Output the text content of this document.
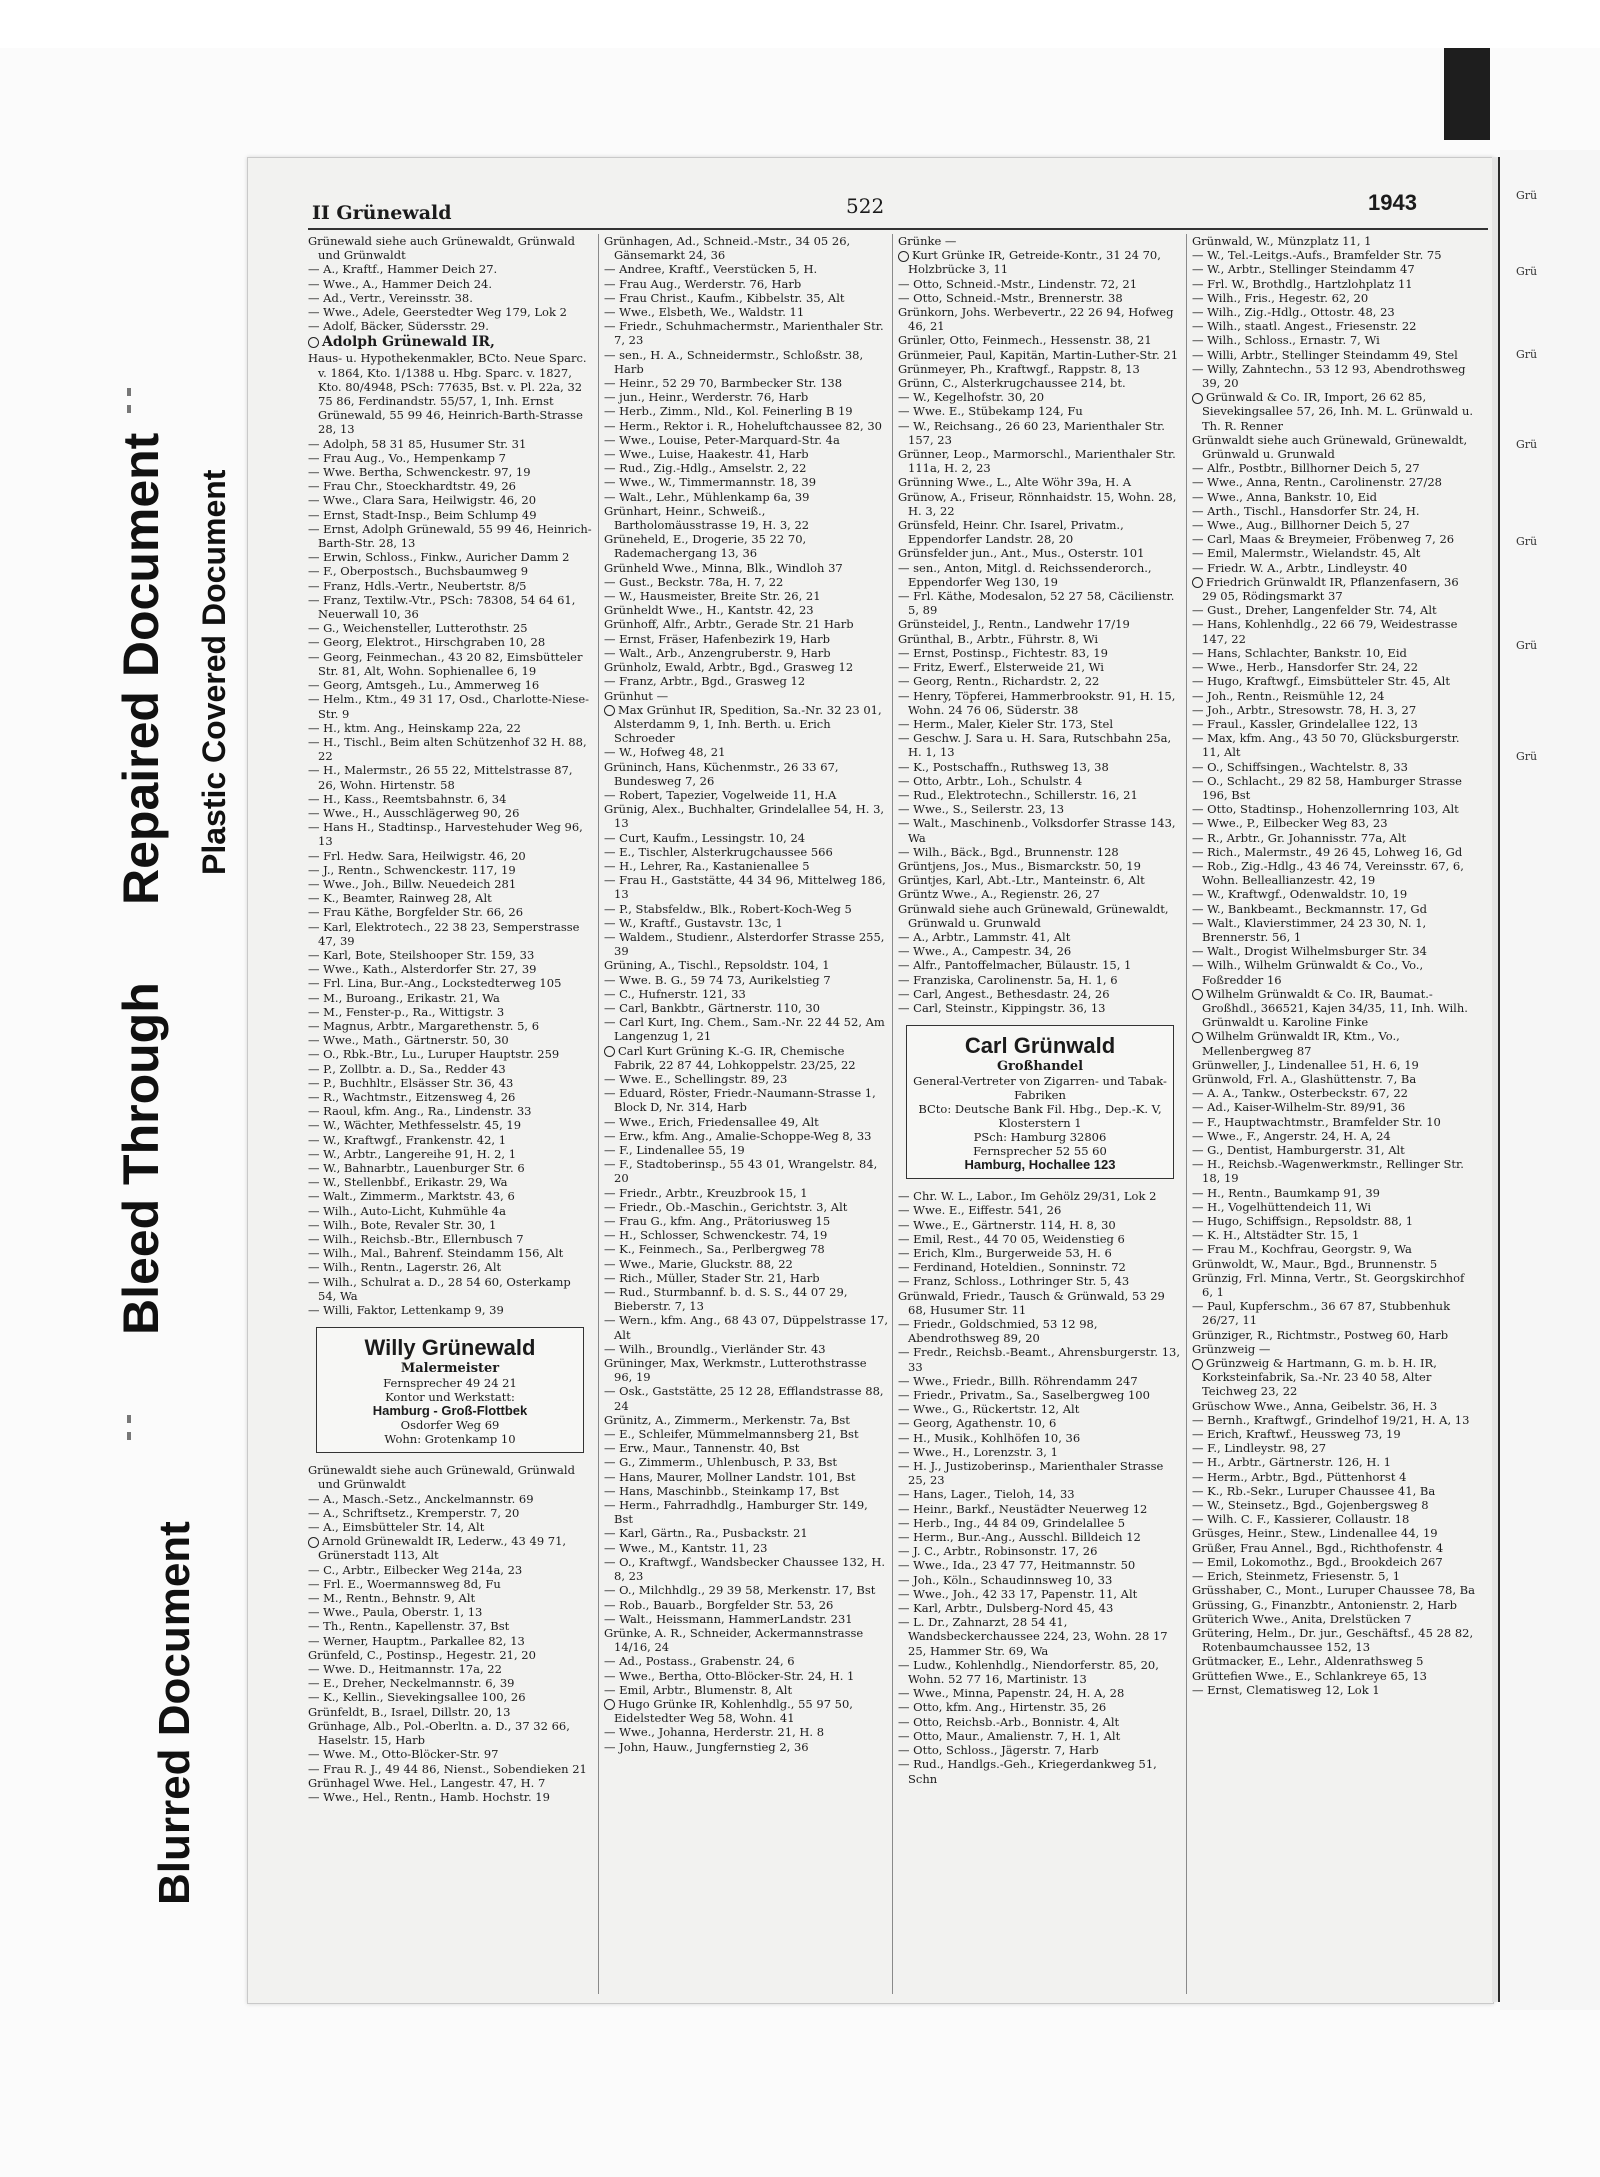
Bleed Through
Repaired Document Plastic Covered Document
Blurred Document
II Grünewald	522	1943
Grünewald siehe auch Grünewaldt, Grünwald und Grünwaldt
— A., Kraftf., Hammer Deich 27.
— Wwe., A., Hammer Deich 24.
— Ad., Vertr., Vereinsstr. 38.
— Wwe., Adele, Geerstedter Weg 179, Lok 2
— Adolf, Bäcker, Südersstr. 29.
Adolph Grünewald IR,
Haus- u. Hypothekenmakler, BCto. Neue Sparc. v. 1864, Kto. 1/1388 u. Hbg. Sparc. v. 1827, Kto. 80/4948, PSch: 77635, Bst. v. Pl. 22a, 32 75 86, Ferdinandstr. 55/57, 1, Inh. Ernst Grünewald, 55 99 46, Heinrich-Barth-Strasse 28, 13
— Adolph, 58 31 85, Husumer Str. 31
— Frau Aug., Vo., Hempenkamp 7
— Wwe. Bertha, Schwenckestr. 97, 19
— Frau Chr., Stoeckhardtstr. 49, 26
— Wwe., Clara Sara, Heilwigstr. 46, 20
— Ernst, Stadt-Insp., Beim Schlump 49
— Ernst, Adolph Grünewald, 55 99 46, Heinrich-Barth-Str. 28, 13
— Erwin, Schloss., Finkw., Auricher Damm 2
— F., Oberpostsch., Buchsbaumweg 9
— Franz, Hdls.-Vertr., Neubertstr. 8/5
— Franz, Textilw.-Vtr., PSch: 78308, 54 64 61, Neuerwall 10, 36
— G., Weichensteller, Lutterothstr. 25
— Georg, Elektrot., Hirschgraben 10, 28
— Georg, Feinmechan., 43 20 82, Eimsbütteler Str. 81, Alt, Wohn. Sophienallee 6, 19
— Georg, Amtsgeh., Lu., Ammerweg 16
— Helm., Ktm., 49 31 17, Osd., Charlotte-Niese-Str. 9
— H., ktm. Ang., Heinskamp 22a, 22
— H., Tischl., Beim alten Schützenhof 32 H. 88, 22
— H., Malermstr., 26 55 22, Mittelstrasse 87, 26, Wohn. Hirtenstr. 58
— H., Kass., Reemtsbahnstr. 6, 34
— Wwe., H., Ausschlägerweg 90, 26
— Hans H., Stadtinsp., Harvestehuder Weg 96, 13
— Frl. Hedw. Sara, Heilwigstr. 46, 20
— J., Rentn., Schwenckestr. 117, 19
— Wwe., Joh., Billw. Neuedeich 281
— K., Beamter, Rainweg 28, Alt
— Frau Käthe, Borgfelder Str. 66, 26
— Karl, Elektrotech., 22 38 23, Semperstrasse 47, 39
— Karl, Bote, Steilshooper Str. 159, 33
— Wwe., Kath., Alsterdorfer Str. 27, 39
— Frl. Lina, Bur.-Ang., Lockstedterweg 105
— M., Buroang., Erikastr. 21, Wa
— M., Fenster-p., Ra., Wittigstr. 3
— Magnus, Arbtr., Margarethenstr. 5, 6
— Wwe., Math., Gärtnerstr. 50, 30
— O., Rbk.-Btr., Lu., Luruper Hauptstr. 259
— P., Zollbtr. a. D., Sa., Redder 43
— P., Buchhltr., Elsässer Str. 36, 43
— R., Wachtmstr., Eitzensweg 4, 26
— Raoul, kfm. Ang., Ra., Lindenstr. 33
— W., Wächter, Methfesselstr. 45, 19
— W., Kraftwgf., Frankenstr. 42, 1
— W., Arbtr., Langereihe 91, H. 2, 1
— W., Bahnarbtr., Lauenburger Str. 6
— W., Stellenbbf., Erikastr. 29, Wa
— Walt., Zimmerm., Marktstr. 43, 6
— Wilh., Auto-Licht, Kuhmühle 4a
— Wilh., Bote, Revaler Str. 30, 1
— Wilh., Reichsb.-Btr., Ellernbusch 7
— Wilh., Mal., Bahrenf. Steindamm 156, Alt
— Wilh., Rentn., Lagerstr. 26, Alt
— Wilh., Schulrat a. D., 28 54 60, Osterkamp 54, Wa
— Willi, Faktor, Lettenkamp 9, 39
Willy Grünewald
Malermeister
Fernsprecher 49 24 21
Kontor und Werkstatt:
Hamburg - Groß-Flottbek
Osdorfer Weg 69
Wohn: Grotenkamp 10
Grünewaldt siehe auch Grünewald, Grünwald und Grünwaldt
— A., Masch.-Setz., Anckelmannstr. 69
— A., Schriftsetz., Kremperstr. 7, 20
— A., Eimsbütteler Str. 14, Alt
Arnold Grünewaldt IR, Lederw., 43 49 71, Grünerstadt 113, Alt
— C., Arbtr., Eilbecker Weg 214a, 23
— Frl. E., Woermannsweg 8d, Fu
— M., Rentn., Behnstr. 9, Alt
— Wwe., Paula, Oberstr. 1, 13
— Th., Rentn., Kapellenstr. 37, Bst
— Werner, Hauptm., Parkallee 82, 13
Grünfeld, C., Postinsp., Hegestr. 21, 20
— Wwe. D., Heitmannstr. 17a, 22
— E., Dreher, Neckelmannstr. 6, 39
— K., Kellin., Sievekingsallee 100, 26
Grünfeldt, B., Israel, Dillstr. 20, 13
Grünhage, Alb., Pol.-Oberltn. a. D., 37 32 66, Haselstr. 15, Harb
— Wwe. M., Otto-Blöcker-Str. 97
— Frau R. J., 49 44 86, Nienst., Sobendieken 21
Grünhagel Wwe. Hel., Langestr. 47, H. 7
— Wwe., Hel., Rentn., Hamb. Hochstr. 19
Grünhagen, Ad., Schneid.-Mstr., 34 05 26, Gänsemarkt 24, 36
— Andree, Kraftf., Veerstücken 5, H.
— Frau Aug., Werderstr. 76, Harb
— Frau Christ., Kaufm., Kibbelstr. 35, Alt
— Wwe., Elsbeth, We., Waldstr. 11
— Friedr., Schuhmachermstr., Marienthaler Str. 7, 23
— sen., H. A., Schneidermstr., Schloßstr. 38, Harb
— Heinr., 52 29 70, Barmbecker Str. 138
— jun., Heinr., Werderstr. 76, Harb
— Herb., Zimm., Nld., Kol. Feinerling B 19
— Herm., Rektor i. R., Hoheluftchaussee 82, 30
— Wwe., Louise, Peter-Marquard-Str. 4a
— Wwe., Luise, Haakestr. 41, Harb
— Rud., Zig.-Hdlg., Amselstr. 2, 22
— Wwe., W., Timmermannstr. 18, 39
— Walt., Lehr., Mühlenkamp 6a, 39
Grünhart, Heinr., Schweiß., Bartholomäusstrasse 19, H. 3, 22
Grüneheld, E., Drogerie, 35 22 70, Rademachergang 13, 36
Grünheld Wwe., Minna, Blk., Windloh 37
— Gust., Beckstr. 78a, H. 7, 22
— W., Hausmeister, Breite Str. 26, 21
Grünheldt Wwe., H., Kantstr. 42, 23
Grünhoff, Alfr., Arbtr., Gerade Str. 21 Harb
— Ernst, Fräser, Hafenbezirk 19, Harb
— Walt., Arb., Anzengruberstr. 9, Harb
Grünholz, Ewald, Arbtr., Bgd., Grasweg 12
— Franz, Arbtr., Bgd., Grasweg 12
Grünhut —
Max Grünhut IR, Spedition, Sa.-Nr. 32 23 01, Alsterdamm 9, 1, Inh. Berth. u. Erich Schroeder
— W., Hofweg 48, 21
Grüninch, Hans, Küchenmstr., 26 33 67, Bundesweg 7, 26
— Robert, Tapezier, Vogelweide 11, H.A
Grünig, Alex., Buchhalter, Grindelallee 54, H. 3, 13
— Curt, Kaufm., Lessingstr. 10, 24
— E., Tischler, Alsterkrugchaussee 566
— H., Lehrer, Ra., Kastanienallee 5
— Frau H., Gaststätte, 44 34 96, Mittelweg 186, 13
— P., Stabsfeldw., Blk., Robert-Koch-Weg 5
— W., Kraftf., Gustavstr. 13c, 1
— Waldem., Studienr., Alsterdorfer Strasse 255, 39
Grüning, A., Tischl., Repsoldstr. 104, 1
— Wwe. B. G., 59 74 73, Aurikelstieg 7
— C., Hufnerstr. 121, 33
— Carl, Bankbtr., Gärtnerstr. 110, 30
— Carl Kurt, Ing. Chem., Sam.-Nr. 22 44 52, Am Langenzug 1, 21
Carl Kurt Grüning K.-G. IR, Chemische Fabrik, 22 87 44, Lohkoppelstr. 23/25, 22
— Wwe. E., Schellingstr. 89, 23
— Eduard, Röster, Friedr.-Naumann-Strasse 1, Block D, Nr. 314, Harb
— Wwe., Erich, Friedensallee 49, Alt
— Erw., kfm. Ang., Amalie-Schoppe-Weg 8, 33
— F., Lindenallee 55, 19
— F., Stadtoberinsp., 55 43 01, Wrangelstr. 84, 20
— Friedr., Arbtr., Kreuzbrook 15, 1
— Friedr., Ob.-Maschin., Gerichtstr. 3, Alt
— Frau G., kfm. Ang., Prätoriusweg 15
— H., Schlosser, Schwenckestr. 74, 19
— K., Feinmech., Sa., Perlbergweg 78
— Wwe., Marie, Gluckstr. 88, 22
— Rich., Müller, Stader Str. 21, Harb
— Rud., Sturmbannf. b. d. S. S., 44 07 29, Bieberstr. 7, 13
— Wern., kfm. Ang., 68 43 07, Düppelstrasse 17, Alt
— Wilh., Broundlg., Vierländer Str. 43
Grüninger, Max, Werkmstr., Lutterothstrasse 96, 19
— Osk., Gaststätte, 25 12 28, Efflandstrasse 88, 24
Grünitz, A., Zimmerm., Merkenstr. 7a, Bst
— E., Schleifer, Mümmelmannsberg 21, Bst
— Erw., Maur., Tannenstr. 40, Bst
— G., Zimmerm., Uhlenbusch, P. 33, Bst
— Hans, Maurer, Mollner Landstr. 101, Bst
— Hans, Maschinbb., Steinkamp 17, Bst
— Herm., Fahrradhdlg., Hamburger Str. 149, Bst
— Karl, Gärtn., Ra., Pusbackstr. 21
— Wwe., M., Kantstr. 11, 23
— O., Kraftwgf., Wandsbecker Chaussee 132, H. 8, 23
— O., Milchhdlg., 29 39 58, Merkenstr. 17, Bst
— Rob., Bauarb., Borgfelder Str. 53, 26
— Walt., Heissmann, HammerLandstr. 231
Grünke, A. R., Schneider, Ackermannstrasse 14/16, 24
— Ad., Postass., Grabenstr. 24, 6
— Wwe., Bertha, Otto-Blöcker-Str. 24, H. 1
— Emil, Arbtr., Blumenstr. 8, Alt
Hugo Grünke IR, Kohlenhdlg., 55 97 50, Eidelstedter Weg 58, Wohn. 41
— Wwe., Johanna, Herderstr. 21, H. 8
— John, Hauw., Jungfernstieg 2, 36
Grünke —
Kurt Grünke IR, Getreide-Kontr., 31 24 70, Holzbrücke 3, 11
— Otto, Schneid.-Mstr., Lindenstr. 72, 21
— Otto, Schneid.-Mstr., Brennerstr. 38
Grünkorn, Johs. Werbevertr., 22 26 94, Hofweg 46, 21
Grünler, Otto, Feinmech., Hessenstr. 38, 21
Grünmeier, Paul, Kapitän, Martin-Luther-Str. 21
Grünmeyer, Ph., Kraftwgf., Rappstr. 8, 13
Grünn, C., Alsterkrugchaussee 214, bt.
— W., Kegelhofstr. 30, 20
— Wwe. E., Stübekamp 124, Fu
— W., Reichsang., 26 60 23, Marienthaler Str. 157, 23
Grünner, Leop., Marmorschl., Marienthaler Str. 111a, H. 2, 23
Grünning Wwe., L., Alte Wöhr 39a, H. A
Grünow, A., Friseur, Rönnhaidstr. 15, Wohn. 28, H. 3, 22
Grünsfeld, Heinr. Chr. Isarel, Privatm., Eppendorfer Landstr. 28, 20
Grünsfelder jun., Ant., Mus., Osterstr. 101
— sen., Anton, Mitgl. d. Reichssenderorch., Eppendorfer Weg 130, 19
— Frl. Käthe, Modesalon, 52 27 58, Cäcilienstr. 5, 89
Grünsteidel, J., Rentn., Landwehr 17/19
Grünthal, B., Arbtr., Führstr. 8, Wi
— Ernst, Postinsp., Fichtestr. 83, 19
— Fritz, Ewerf., Elsterweide 21, Wi
— Georg, Rentn., Richardstr. 2, 22
— Henry, Töpferei, Hammerbrookstr. 91, H. 15, Wohn. 24 76 06, Süderstr. 38
— Herm., Maler, Kieler Str. 173, Stel
— Geschw. J. Sara u. H. Sara, Rutschbahn 25a, H. 1, 13
— K., Postschaffn., Ruthsweg 13, 38
— Otto, Arbtr., Loh., Schulstr. 4
— Rud., Elektrotechn., Schillerstr. 16, 21
— Wwe., S., Seilerstr. 23, 13
— Walt., Maschinenb., Volksdorfer Strasse 143, Wa
— Wilh., Bäck., Bgd., Brunnenstr. 128
Grüntjens, Jos., Mus., Bismarckstr. 50, 19
Grüntjes, Karl, Abt.-Ltr., Manteinstr. 6, Alt
Grüntz Wwe., A., Regienstr. 26, 27
Grünwald siehe auch Grünewald, Grünewaldt, Grünwald u. Grunwald
— A., Arbtr., Lammstr. 41, Alt
— Wwe., A., Campestr. 34, 26
— Alfr., Pantoffelmacher, Bülaustr. 15, 1
— Franziska, Carolinenstr. 5a, H. 1, 6
— Carl, Angest., Bethesdastr. 24, 26
— Carl, Steinstr., Kippingstr. 36, 13
Carl Grünwald
Großhandel
General-Vertreter von Zigarren- und Tabak-Fabriken
BCto: Deutsche Bank Fil. Hbg., Dep.-K. V, Klosterstern 1
PSch: Hamburg 32806
Fernsprecher 52 55 60
Hamburg, Hochallee 123
— Chr. W. L., Labor., Im Gehölz 29/31, Lok 2
— Wwe. E., Eiffestr. 541, 26
— Wwe., E., Gärtnerstr. 114, H. 8, 30
— Emil, Rest., 44 70 05, Weidenstieg 6
— Erich, Klm., Burgerweide 53, H. 6
— Ferdinand, Hoteldien., Sonninstr. 72
— Franz, Schloss., Lothringer Str. 5, 43
Grünwald, Friedr., Tausch & Grünwald, 53 29 68, Husumer Str. 11
— Friedr., Goldschmied, 53 12 98, Abendrothsweg 89, 20
— Fredr., Reichsb.-Beamt., Ahrensburgerstr. 13, 33
— Wwe., Friedr., Billh. Röhrendamm 247
— Friedr., Privatm., Sa., Saselbergweg 100
— Wwe., G., Rückertstr. 12, Alt
— Georg, Agathenstr. 10, 6
— H., Musik., Kohlhöfen 10, 36
— Wwe., H., Lorenzstr. 3, 1
— H. J., Justizoberinsp., Marienthaler Strasse 25, 23
— Hans, Lager., Tieloh, 14, 33
— Heinr., Barkf., Neustädter Neuerweg 12
— Herb., Ing., 44 84 09, Grindelallee 5
— Herm., Bur.-Ang., Ausschl. Billdeich 12
— J. C., Arbtr., Robinsonstr. 17, 26
— Wwe., Ida., 23 47 77, Heitmannstr. 50
— Joh., Köln., Schaudinnsweg 10, 33
— Wwe., Joh., 42 33 17, Papenstr. 11, Alt
— Karl, Arbtr., Dulsberg-Nord 45, 43
— L. Dr., Zahnarzt, 28 54 41, Wandsbeckerchaussee 224, 23, Wohn. 28 17 25, Hammer Str. 69, Wa
— Ludw., Kohlenhdlg., Niendorferstr. 85, 20, Wohn. 52 77 16, Martinistr. 13
— Wwe., Minna, Papenstr. 24, H. A, 28
— Otto, kfm. Ang., Hirtenstr. 35, 26
— Otto, Reichsb.-Arb., Bonnistr. 4, Alt
— Otto, Maur., Amalienstr. 7, H. 1, Alt
— Otto, Schloss., Jägerstr. 7, Harb
— Rud., Handlgs.-Geh., Kriegerdankweg 51, Schn
Grünwald, W., Münzplatz 11, 1
— W., Tel.-Leitgs.-Aufs., Bramfelder Str. 75
— W., Arbtr., Stellinger Steindamm 47
— Frl. W., Brothdlg., Hartzlohplatz 11
— Wilh., Fris., Hegestr. 62, 20
— Wilh., Zig.-Hdlg., Ottostr. 48, 23
— Wilh., staatl. Angest., Friesenstr. 22
— Wilh., Schloss., Ernastr. 7, Wi
— Willi, Arbtr., Stellinger Steindamm 49, Stel
— Willy, Zahntechn., 53 12 93, Abendrothsweg 39, 20
Grünwald & Co. IR, Import, 26 62 85, Sievekingsallee 57, 26, Inh. M. L. Grünwald u. Th. R. Renner
Grünwaldt siehe auch Grünewald, Grünewaldt, Grünwald u. Grunwald
— Alfr., Postbtr., Billhorner Deich 5, 27
— Wwe., Anna, Rentn., Carolinenstr. 27/28
— Wwe., Anna, Bankstr. 10, Eid
— Arth., Tischl., Hansdorfer Str. 24, H.
— Wwe., Aug., Billhorner Deich 5, 27
— Carl, Maas & Breymeier, Fröbenweg 7, 26
— Emil, Malermstr., Wielandstr. 45, Alt
— Friedr. W. A., Arbtr., Lindleystr. 40
Friedrich Grünwaldt IR, Pflanzenfasern, 36 29 05, Rödingsmarkt 37
— Gust., Dreher, Langenfelder Str. 74, Alt
— Hans, Kohlenhdlg., 22 66 79, Weidestrasse 147, 22
— Hans, Schlachter, Bankstr. 10, Eid
— Wwe., Herb., Hansdorfer Str. 24, 22
— Hugo, Kraftwgf., Eimsbütteler Str. 45, Alt
— Joh., Rentn., Reismühle 12, 24
— Joh., Arbtr., Stresowstr. 78, H. 3, 27
— Fraul., Kassler, Grindelallee 122, 13
— Max, kfm. Ang., 43 50 70, Glücksburgerstr. 11, Alt
— O., Schiffsingen., Wachtelstr. 8, 33
— O., Schlacht., 29 82 58, Hamburger Strasse 196, Bst
— Otto, Stadtinsp., Hohenzollernring 103, Alt
— Wwe., P., Eilbecker Weg 83, 23
— R., Arbtr., Gr. Johannisstr. 77a, Alt
— Rich., Malermstr., 49 26 45, Lohweg 16, Gd
— Rob., Zig.-Hdlg., 43 46 74, Vereinsstr. 67, 6, Wohn. Belleallianzestr. 42, 19
— W., Kraftwgf., Odenwaldstr. 10, 19
— W., Bankbeamt., Beckmannstr. 17, Gd
— Walt., Klavierstimmer, 24 23 30, N. 1, Brennerstr. 56, 1
— Walt., Drogist Wilhelmsburger Str. 34
— Wilh., Wilhelm Grünwaldt & Co., Vo., Foßredder 16
Wilhelm Grünwaldt & Co. IR, Baumat.-Großhdl., 366521, Kajen 34/35, 11, Inh. Wilh. Grünwaldt u. Karoline Finke
Wilhelm Grünwaldt IR, Ktm., Vo., Mellenbergweg 87
Grünweller, J., Lindenallee 51, H. 6, 19
Grünwold, Frl. A., Glashüttenstr. 7, Ba
— A. A., Tankw., Osterbeckstr. 67, 22
— Ad., Kaiser-Wilhelm-Str. 89/91, 36
— F., Hauptwachtmstr., Bramfelder Str. 10
— Wwe., F., Angerstr. 24, H. A, 24
— G., Dentist, Hamburgerstr. 31, Alt
— H., Reichsb.-Wagenwerkmstr., Rellinger Str. 18, 19
— H., Rentn., Baumkamp 91, 39
— H., Vogelhüttendeich 11, Wi
— Hugo, Schiffsign., Repsoldstr. 88, 1
— K. H., Altstädter Str. 15, 1
— Frau M., Kochfrau, Georgstr. 9, Wa
Grünwoldt, W., Maur., Bgd., Brunnenstr. 5
Grünzig, Frl. Minna, Vertr., St. Georgskirchhof 6, 1
— Paul, Kupferschm., 36 67 87, Stubbenhuk 26/27, 11
Grünziger, R., Richtmstr., Postweg 60, Harb
Grünzweig —
Grünzweig & Hartmann, G. m. b. H. IR, Korksteinfabrik, Sa.-Nr. 23 40 58, Alter Teichweg 23, 22
Grüschow Wwe., Anna, Geibelstr. 36, H. 3
— Bernh., Kraftwgf., Grindelhof 19/21, H. A, 13
— Erich, Kraftwf., Heussweg 73, 19
— F., Lindleystr. 98, 27
— H., Arbtr., Gärtnerstr. 126, H. 1
— Herm., Arbtr., Bgd., Püttenhorst 4
— K., Rb.-Sekr., Luruper Chaussee 41, Ba
— W., Steinsetz., Bgd., Gojenbergsweg 8
— Wilh. C. F., Kassierer, Collaustr. 18
Grüsges, Heinr., Stew., Lindenallee 44, 19
Grüßer, Frau Annel., Bgd., Richthofenstr. 4
— Emil, Lokomothz., Bgd., Brookdeich 267
— Erich, Steinmetz, Friesenstr. 5, 1
Grüsshaber, C., Mont., Luruper Chaussee 78, Ba
Grüssing, G., Finanzbtr., Antonienstr. 2, Harb
Grüterich Wwe., Anita, Drelstücken 7
Grütering, Helm., Dr. jur., Geschäftsf., 45 28 82, Rotenbaumchaussee 152, 13
Grütmacker, E., Lehr., Aldenrathsweg 5
Grüttefien Wwe., E., Schlankreye 65, 13
— Ernst, Clematisweg 12, Lok 1
Grü
Grü
Grü
Grü
Grü
Grü
Grü
